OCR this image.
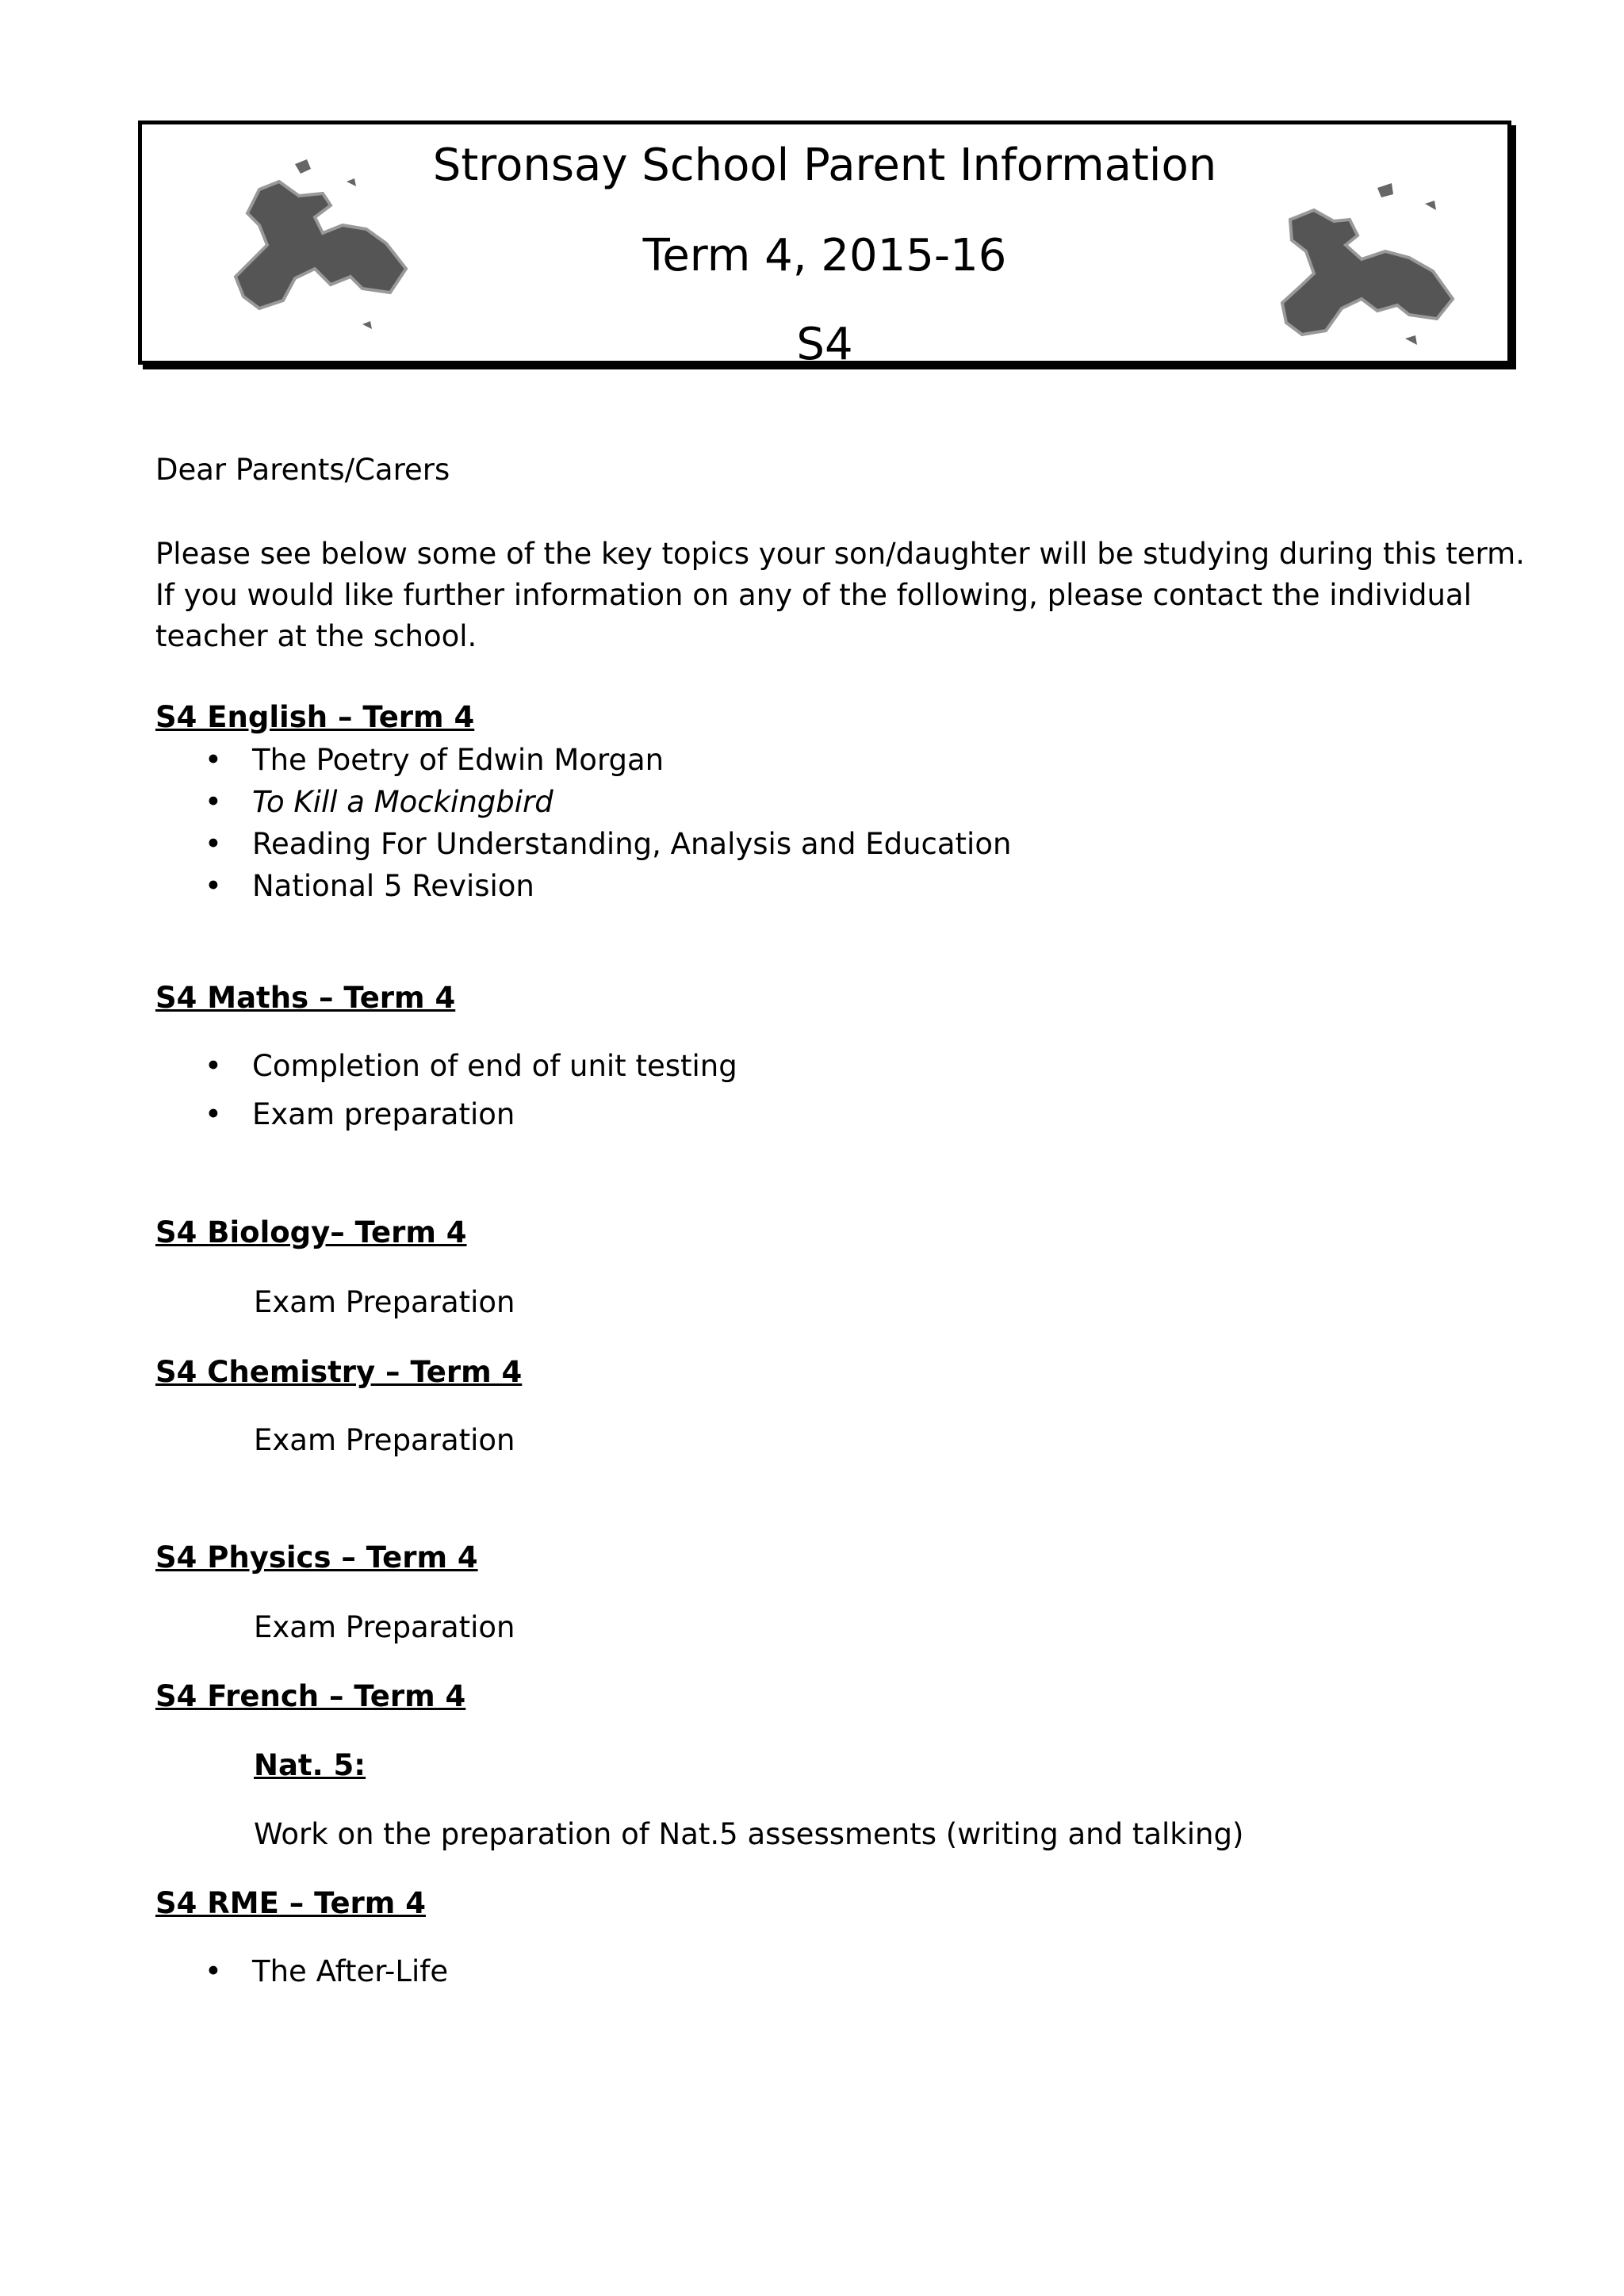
Stronsay School Parent Information
Term 4, 2015-16
S4
Dear Parents/Carers
Please see below some of the key topics your son/daughter will be studying during this term.
If you would like further information on any of the following, please contact the individual
teacher at the school.
S4 English – Term 4
•The Poetry of Edwin Morgan
•To Kill a Mockingbird
•Reading For Understanding, Analysis and Education
•National 5 Revision
S4 Maths – Term 4
•Completion of end of unit testing
•Exam preparation
S4 Biology– Term 4
Exam Preparation
S4 Chemistry – Term 4
Exam Preparation
S4 Physics – Term 4
Exam Preparation
S4 French – Term 4
Nat. 5:
Work on the preparation of Nat.5 assessments (writing and talking)
S4 RME – Term 4
•The After-Life
